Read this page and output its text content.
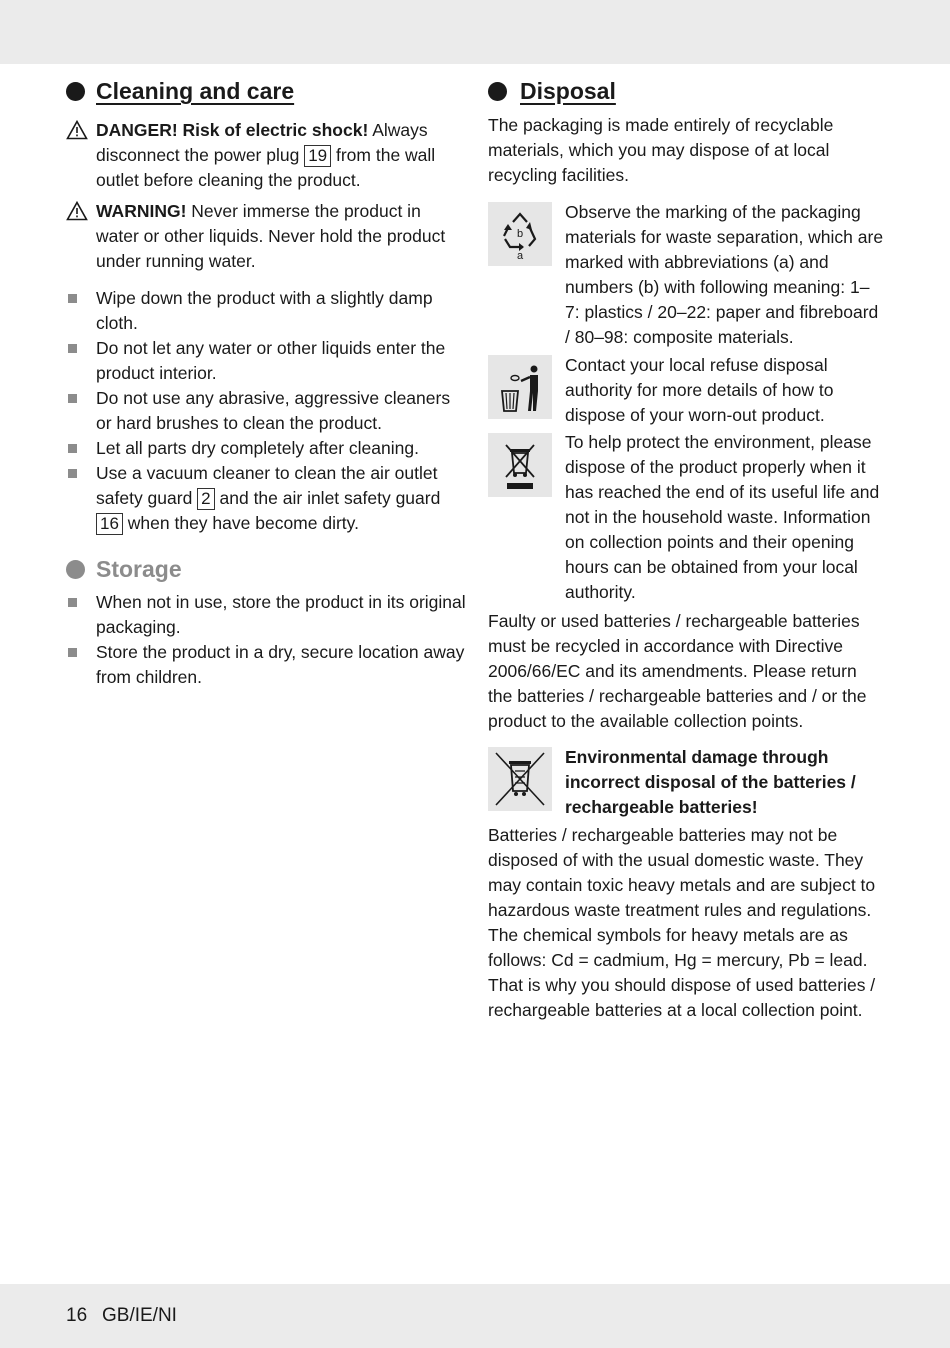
Cleaning and care

DANGER! Risk of electric shock! Always disconnect the power plug 19 from the wall outlet before cleaning the product.

WARNING! Never immerse the product in water or other liquids. Never hold the product under running water.

Wipe down the product with a slightly damp cloth.
Do not let any water or other liquids enter the product interior.
Do not use any abrasive, aggressive cleaners or hard brushes to clean the product.
Let all parts dry completely after cleaning.
Use a vacuum cleaner to clean the air outlet safety guard 2 and the air inlet safety guard 16 when they have become dirty.
Storage
When not in use, store the product in its original packaging.
Store the product in a dry, secure location away from children.
Disposal

The packaging is made entirely of recyclable materials, which you may dispose of at local recycling facilities.

b
a

Observe the marking of the packaging materials for waste separation, which are marked with abbreviations (a) and numbers (b) with following meaning: 1–7: plastics / 20–22: paper and fibreboard / 80–98: composite materials.

Contact your local refuse disposal authority for more details of how to dispose of your worn-out product.

To help protect the environment, please dispose of the product properly when it has reached the end of its useful life and not in the household waste. Information on collection points and their opening hours can be obtained from your local authority.

Faulty or used batteries / rechargeable batteries must be recycled in accordance with Directive 2006/66/EC and its amendments. Please return the batteries / rechargeable batteries and / or the product to the available collection points.

Environmental damage through incorrect disposal of the batteries / rechargeable batteries!

Batteries / rechargeable batteries may not be disposed of with the usual domestic waste. They may contain toxic heavy metals and are subject to hazardous waste treatment rules and regulations. The chemical symbols for heavy metals are as follows: Cd = cadmium, Hg = mercury, Pb = lead. That is why you should dispose of used batteries / rechargeable batteries at a local collection point.

16 GB/IE/NI
